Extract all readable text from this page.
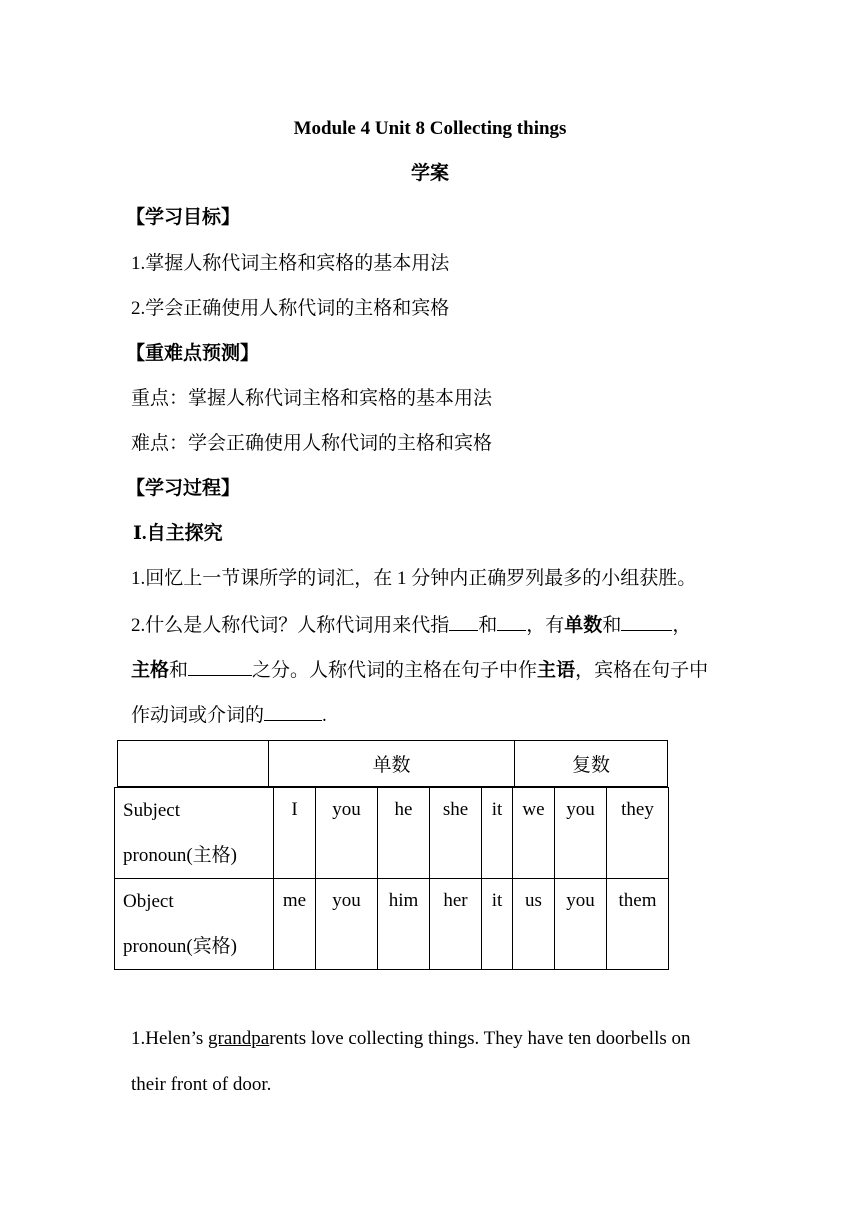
Module 4 Unit 8 Collecting things
学案
【学习目标】
1.掌握人称代词主格和宾格的基本用法
2.学会正确使用人称代词的主格和宾格
【重难点预测】
重点：掌握人称代词主格和宾格的基本用法
难点：学会正确使用人称代词的主格和宾格
【学习过程】
Ⅰ.自主探究
1.回忆上一节课所学的词汇，在 1 分钟内正确罗列最多的小组获胜。
2.什么是人称代词？人称代词用来代指 和 ，有单数和	，
主格和	之分。人称代词的主格在句子中作主语，宾格在句子中
作动词或介词的	.
	单数	复数
Subject
pronoun(主格)	I	you	he	she	it	we	you	they

Object
pronoun(宾格)	me	you	him	her	it	us	you	them
1.Helen’s grandparents love collecting things. They have ten doorbells on
their front of door.
